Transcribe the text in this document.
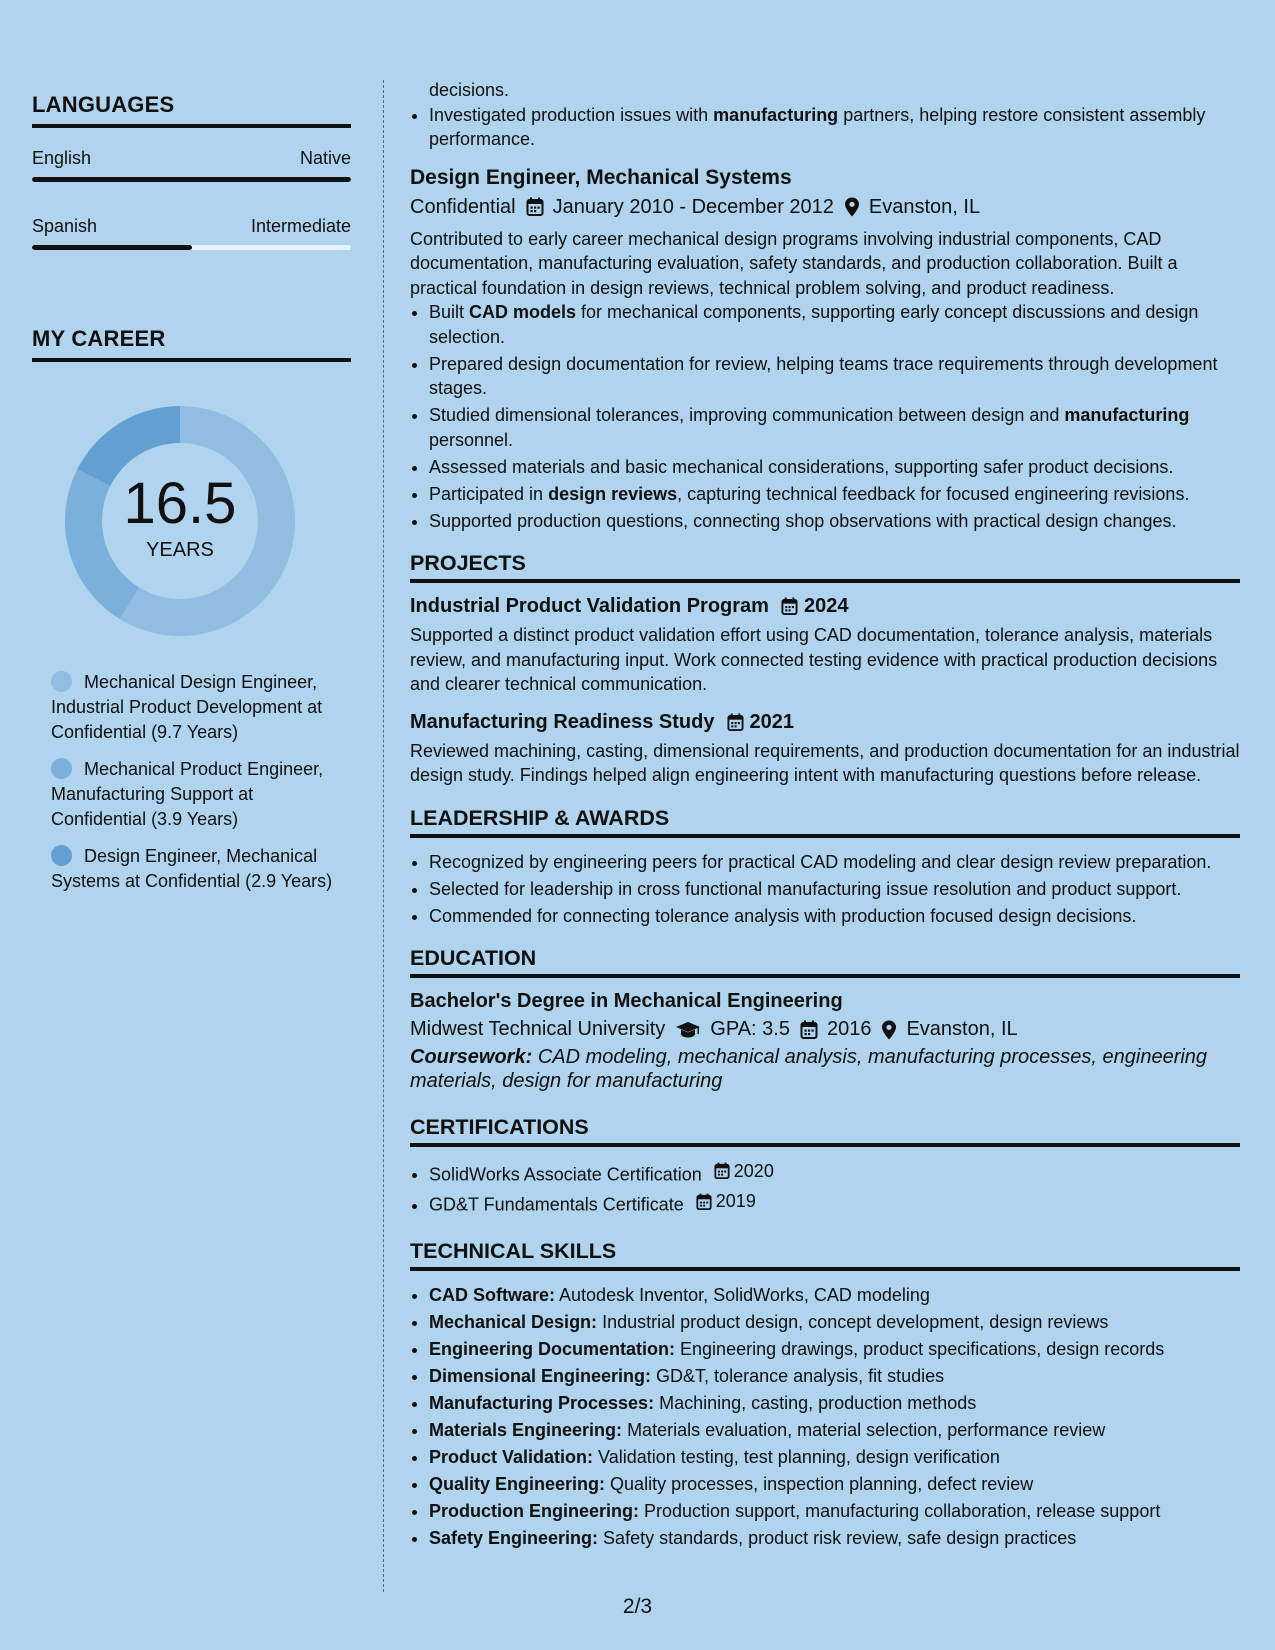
LANGUAGES
English	Native
Spanish	Intermediate
MY CAREER
16.5
YEARS
Mechanical Design Engineer, Industrial Product Development at Confidential (9.7 Years)
Mechanical Product Engineer, Manufacturing Support at Confidential (3.9 Years)
Design Engineer, Mechanical Systems at Confidential (2.9 Years)

decisions.

• Investigated production issues with manufacturing partners, helping restore consistent assembly performance.
Design Engineer, Mechanical Systems
Confidential January 2010 - December 2012 Evanston, IL

Contributed to early career mechanical design programs involving industrial components, CAD documentation, manufacturing evaluation, safety standards, and production collaboration. Built a practical foundation in design reviews, technical problem solving, and product readiness.

• Built CAD models for mechanical components, supporting early concept discussions and design selection.
• Prepared design documentation for review, helping teams trace requirements through development stages.
• Studied dimensional tolerances, improving communication between design and manufacturing personnel.
• Assessed materials and basic mechanical considerations, supporting safer product decisions.
• Participated in design reviews, capturing technical feedback for focused engineering revisions.
• Supported production questions, connecting shop observations with practical design changes.
PROJECTS
Industrial Product Validation Program 2024

Supported a distinct product validation effort using CAD documentation, tolerance analysis, materials review, and manufacturing input. Work connected testing evidence with practical production decisions and clearer technical communication.

Manufacturing Readiness Study 2021

Reviewed machining, casting, dimensional requirements, and production documentation for an industrial design study. Findings helped align engineering intent with manufacturing questions before release.

LEADERSHIP & AWARDS
• Recognized by engineering peers for practical CAD modeling and clear design review preparation.
• Selected for leadership in cross functional manufacturing issue resolution and product support.
• Commended for connecting tolerance analysis with production focused design decisions.
EDUCATION
Bachelor's Degree in Mechanical Engineering
Midwest Technical University GPA: 3.5 2016 Evanston, IL

Coursework: CAD modeling, mechanical analysis, manufacturing processes, engineering materials, design for manufacturing

CERTIFICATIONS
• SolidWorks Associate Certification 2020
• GD&T Fundamentals Certificate 2019
TECHNICAL SKILLS
• CAD Software: Autodesk Inventor, SolidWorks, CAD modeling
• Mechanical Design: Industrial product design, concept development, design reviews
• Engineering Documentation: Engineering drawings, product specifications, design records
• Dimensional Engineering: GD&T, tolerance analysis, fit studies
• Manufacturing Processes: Machining, casting, production methods
• Materials Engineering: Materials evaluation, material selection, performance review
• Product Validation: Validation testing, test planning, design verification
• Quality Engineering: Quality processes, inspection planning, defect review
• Production Engineering: Production support, manufacturing collaboration, release support
• Safety Engineering: Safety standards, product risk review, safe design practices
2/3
